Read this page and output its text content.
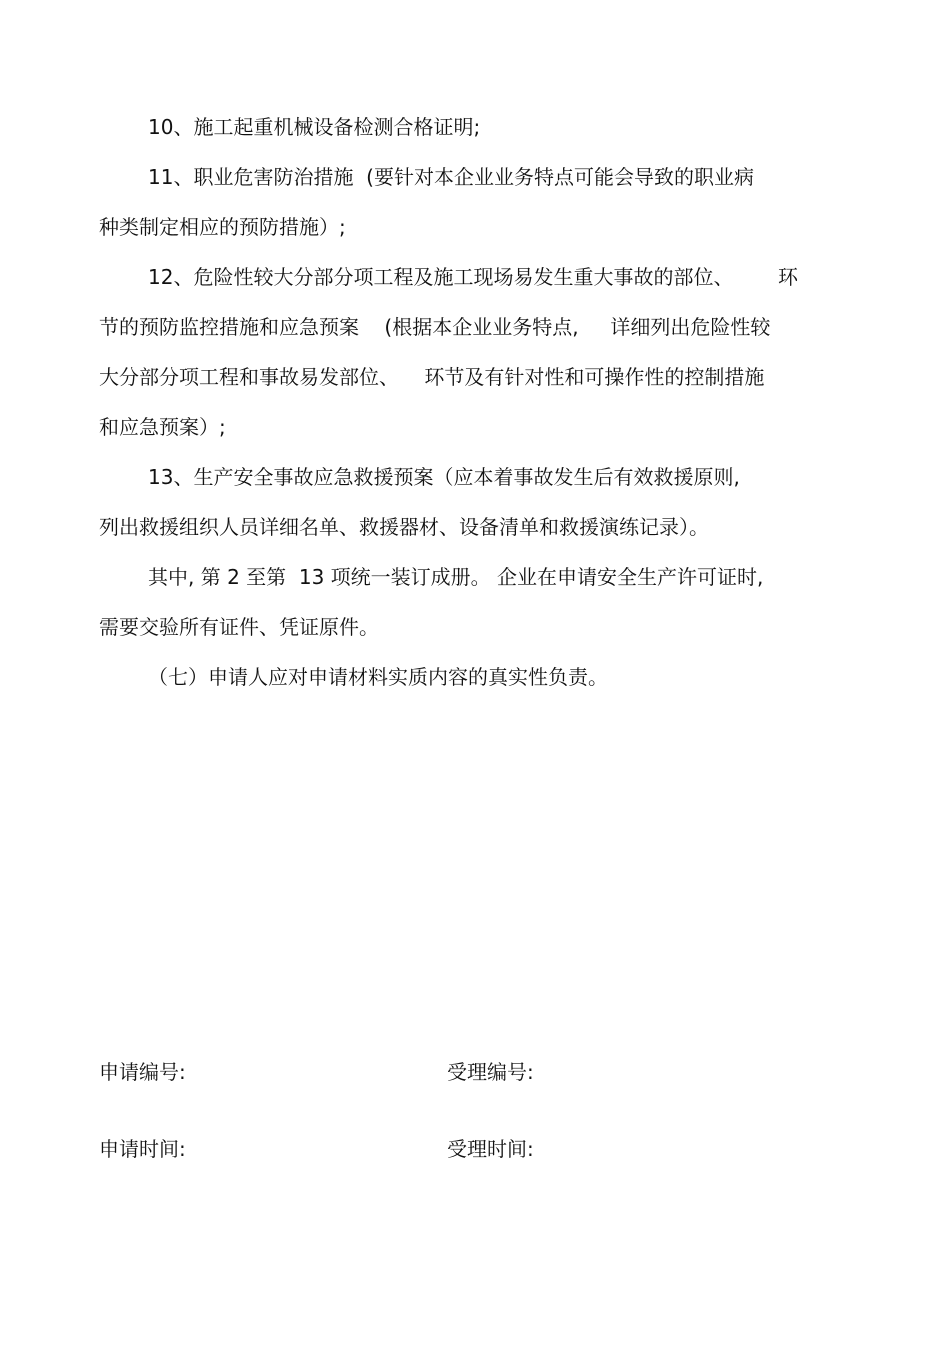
10、施工起重机械设备检测合格证明;
11、职业危害防治措施  (要针对本企业业务特点可能会导致的职业病
种类制定相应的预防措施）;
12、危险性较大分部分项工程及施工现场易发生重大事故的部位、       环
节的预防监控措施和应急预案    (根据本企业业务特点,     详细列出危险性较
大分部分项工程和事故易发部位、    环节及有针对性和可操作性的控制措施
和应急预案）;
13、生产安全事故应急救援预案（应本着事故发生后有效救援原则,
列出救援组织人员详细名单、救援器材、设备清单和救援演练记录）。
其中, 第 2 至第  13 项统一装订成册。 企业在申请安全生产许可证时,
需要交验所有证件、凭证原件。
（七）申请人应对申请材料实质内容的真实性负责。
申请编号:	受理编号:
申请时间:	受理时间:
